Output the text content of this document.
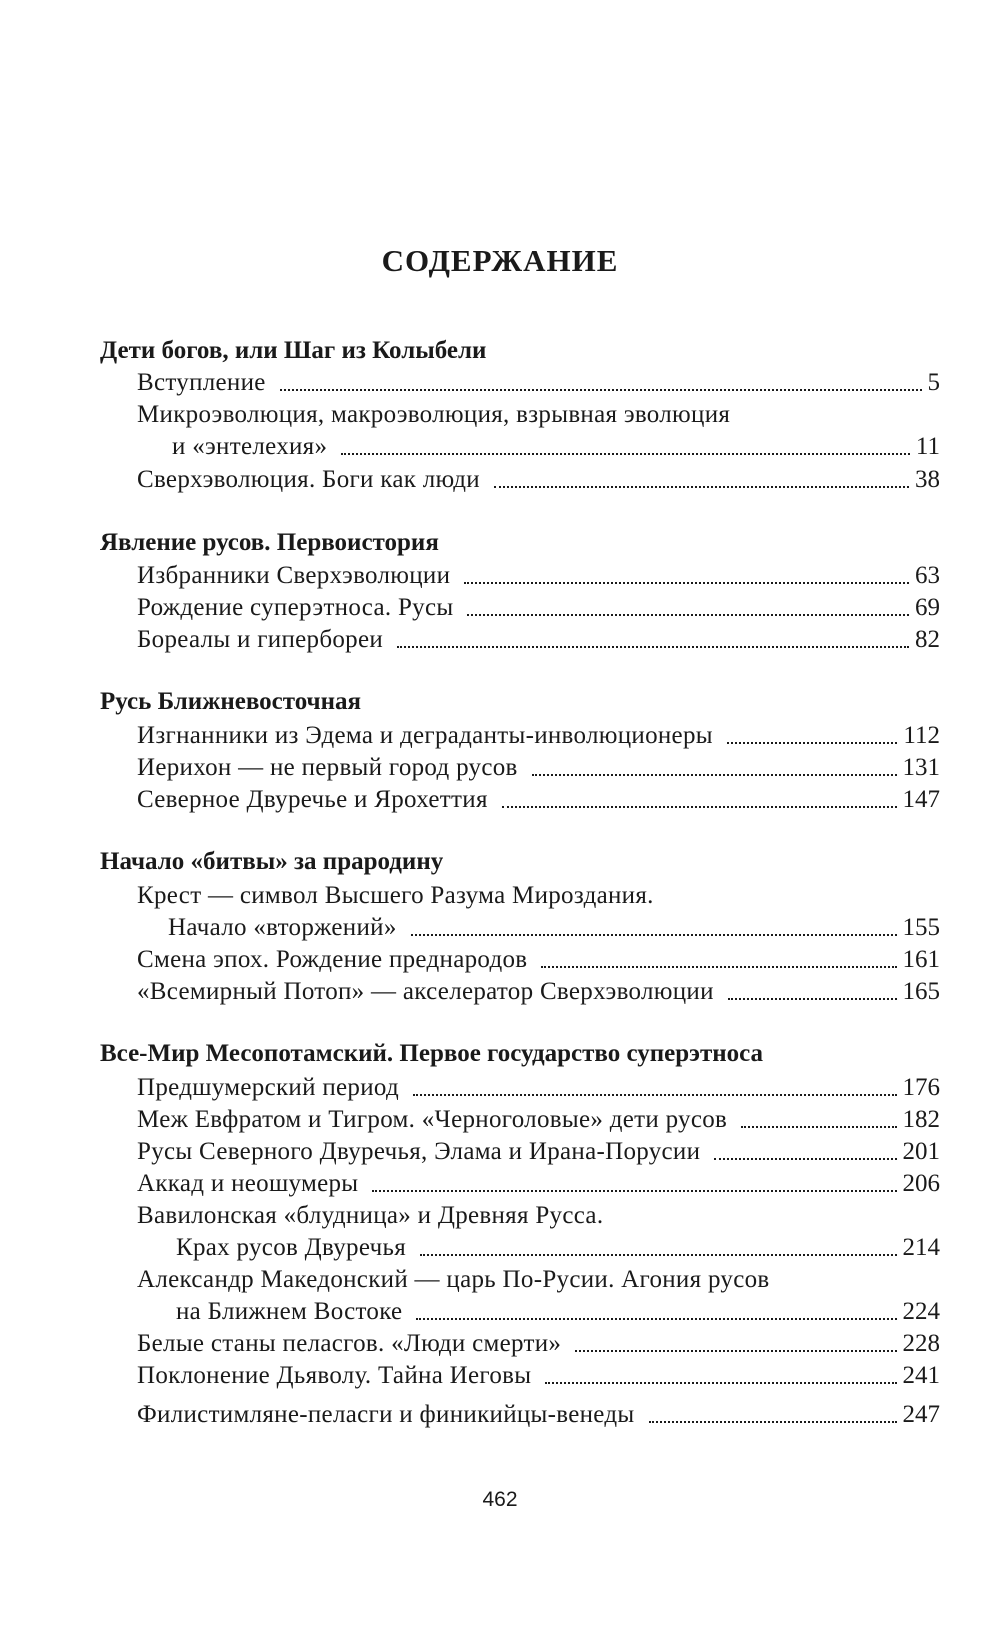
СОДЕРЖАНИЕ
Дети богов, или Шаг из Колыбели
Вступление	5
Микроэволюция, макроэволюция, взрывная эволюция
и «энтелехия»	11
Сверхэволюция. Боги как люди	38
Явление русов. Первоистория
Избранники Сверхэволюции	63
Рождение суперэтноса. Русы	69
Бореалы и гипербореи	82
Русь Ближневосточная
Изгнанники из Эдема и деграданты-инволюционеры	112
Иерихон — не первый город русов	131
Северное Двуречье и Ярохеттия	147
Начало «битвы» за прародину
Крест — символ Высшего Разума Мироздания.
Начало «вторжений»	155
Смена эпох. Рождение преднародов	161
«Всемирный Потоп» — акселератор Сверхэволюции	165
Все-Мир Месопотамский. Первое государство суперэтноса
Предшумерский период	176
Меж Евфратом и Тигром. «Черноголовые» дети русов	182
Русы Северного Двуречья, Элама и Ирана-Порусии	201
Аккад и неошумеры	206
Вавилонская «блудница» и Древняя Русса.
Крах русов Двуречья	214
Александр Македонский — царь По-Русии. Агония русов
на Ближнем Востоке	224
Белые станы пеласгов. «Люди смерти»	228
Поклонение Дьяволу. Тайна Иеговы	241
Филистимляне-пеласги и финикийцы-венеды	247
462
